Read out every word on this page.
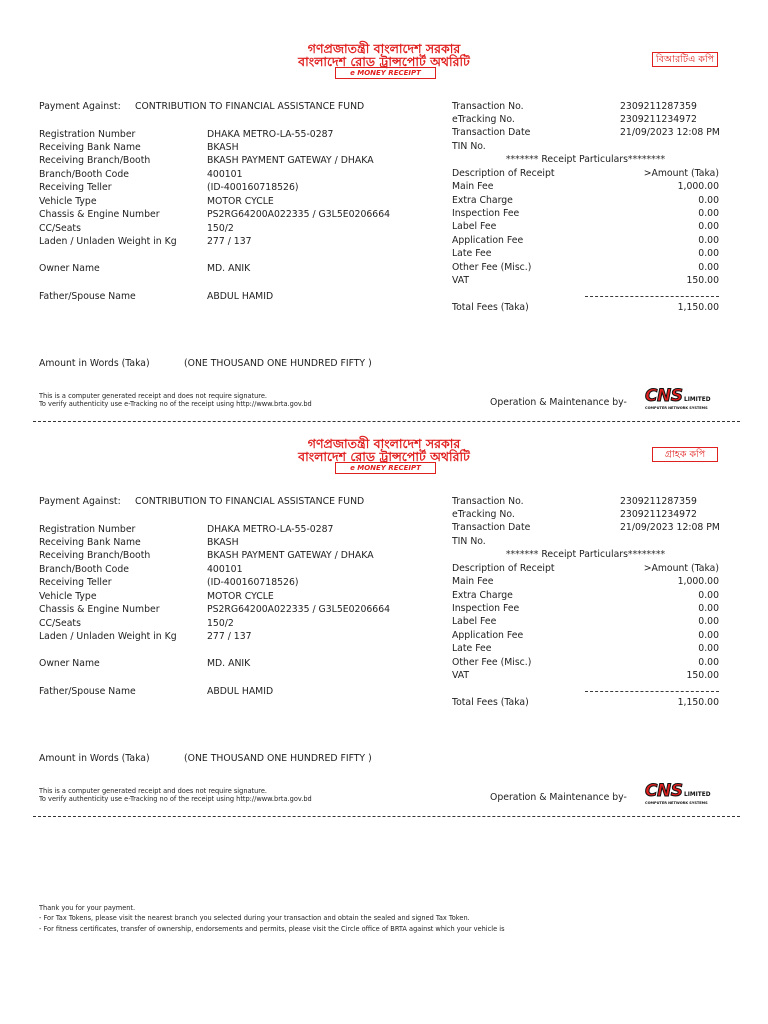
গণপ্রজাতন্ত্রী বাংলাদেশ সরকার
বাংলাদেশ রোড ট্রান্সপোর্ট অথরিটি
e MONEY RECEIPT
বিআরটিএ কপি
Payment Against: CONTRIBUTION TO FINANCIAL ASSISTANCE FUND
Registration Number	DHAKA METRO-LA-55-0287
Receiving Bank Name	BKASH
Receiving Branch/Booth	BKASH PAYMENT GATEWAY / DHAKA
Branch/Booth Code	400101
Receiving Teller	(ID-400160718526)
Vehicle Type	MOTOR CYCLE
Chassis & Engine Number	PS2RG64200A022335 / G3L5E0206664
CC/Seats	150/2
Laden / Unladen Weight in Kg	277 / 137
Owner Name	MD. ANIK
Father/Spouse Name	ABDUL HAMID
Transaction No.	2309211287359
eTracking No.	2309211234972
Transaction Date	21/09/2023 12:08 PM
TIN No.
******* Receipt Particulars********
Description of Receipt	>Amount (Taka)
Main Fee	1,000.00
Extra Charge	0.00
Inspection Fee	0.00
Label Fee	0.00
Application Fee	0.00
Late Fee	0.00
Other Fee (Misc.)	0.00
VAT	150.00
Total Fees (Taka)	1,150.00
Amount in Words (Taka)	(ONE THOUSAND ONE HUNDRED FIFTY )
This is a computer generated receipt and does not require signature.
To verify authenticity use e-Tracking no of the receipt using http://www.brta.gov.bd	Operation & Maintenance by- CNS LIMITED
COMPUTER NETWORK SYSTEMS
গণপ্রজাতন্ত্রী বাংলাদেশ সরকার
বাংলাদেশ রোড ট্রান্সপোর্ট অথরিটি
e MONEY RECEIPT
গ্রাহক কপি
Payment Against: CONTRIBUTION TO FINANCIAL ASSISTANCE FUND
Registration Number	DHAKA METRO-LA-55-0287
Receiving Bank Name	BKASH
Receiving Branch/Booth	BKASH PAYMENT GATEWAY / DHAKA
Branch/Booth Code	400101
Receiving Teller	(ID-400160718526)
Vehicle Type	MOTOR CYCLE
Chassis & Engine Number	PS2RG64200A022335 / G3L5E0206664
CC/Seats	150/2
Laden / Unladen Weight in Kg	277 / 137
Owner Name	MD. ANIK
Father/Spouse Name	ABDUL HAMID
Transaction No.	2309211287359
eTracking No.	2309211234972
Transaction Date	21/09/2023 12:08 PM
TIN No.
******* Receipt Particulars********
Description of Receipt	>Amount (Taka)
Main Fee	1,000.00
Extra Charge	0.00
Inspection Fee	0.00
Label Fee	0.00
Application Fee	0.00
Late Fee	0.00
Other Fee (Misc.)	0.00
VAT	150.00
Total Fees (Taka)	1,150.00
Amount in Words (Taka)	(ONE THOUSAND ONE HUNDRED FIFTY )
This is a computer generated receipt and does not require signature.
To verify authenticity use e-Tracking no of the receipt using http://www.brta.gov.bd	Operation & Maintenance by- CNS LIMITED
COMPUTER NETWORK SYSTEMS
Thank you for your payment.
- For Tax Tokens, please visit the nearest branch you selected during your transaction and obtain the sealed and signed Tax Token.
- For fitness certificates, transfer of ownership, endorsements and permits, please visit the Circle office of BRTA against which your vehicle is
